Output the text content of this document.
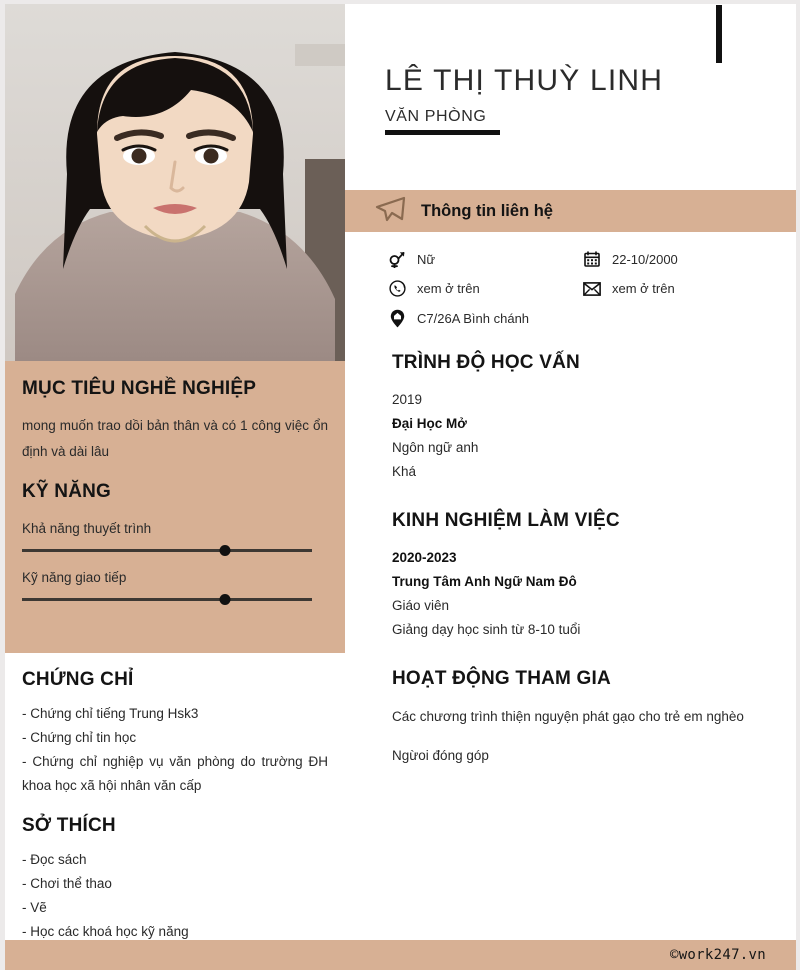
MỤC TIÊU NGHỀ NGHIỆP
mong muốn trao dồi bản thân và có 1 công việc ổn định và dài lâu
KỸ NĂNG
Khả năng thuyết trình
Kỹ năng giao tiếp
CHỨNG CHỈ
- Chứng chỉ tiếng Trung Hsk3
- Chứng chỉ tin học
- Chứng chỉ nghiệp vụ văn phòng do trường ĐH khoa học xã hội nhân văn cấp
SỞ THÍCH
- Đọc sách
- Chơi thể thao
- Vẽ
- Học các khoá học kỹ năng
LÊ THỊ THUỲ LINH
VĂN PHÒNG
Thông tin liên hệ
Nữ	22-10/2000
xem ở trên	xem ở trên
C7/26A Bình chánh
TRÌNH ĐỘ HỌC VẤN
2019
Đại Học Mở
Ngôn ngữ anh
Khá
KINH NGHIỆM LÀM VIỆC
2020-2023
Trung Tâm Anh Ngữ Nam Đô
Giáo viên
Giảng dạy học sinh từ 8-10 tuổi
HOẠT ĐỘNG THAM GIA
Các chương trình thiện nguyện phát gạo cho trẻ em nghèo
Ngừoi đóng góp
©work247.vn
